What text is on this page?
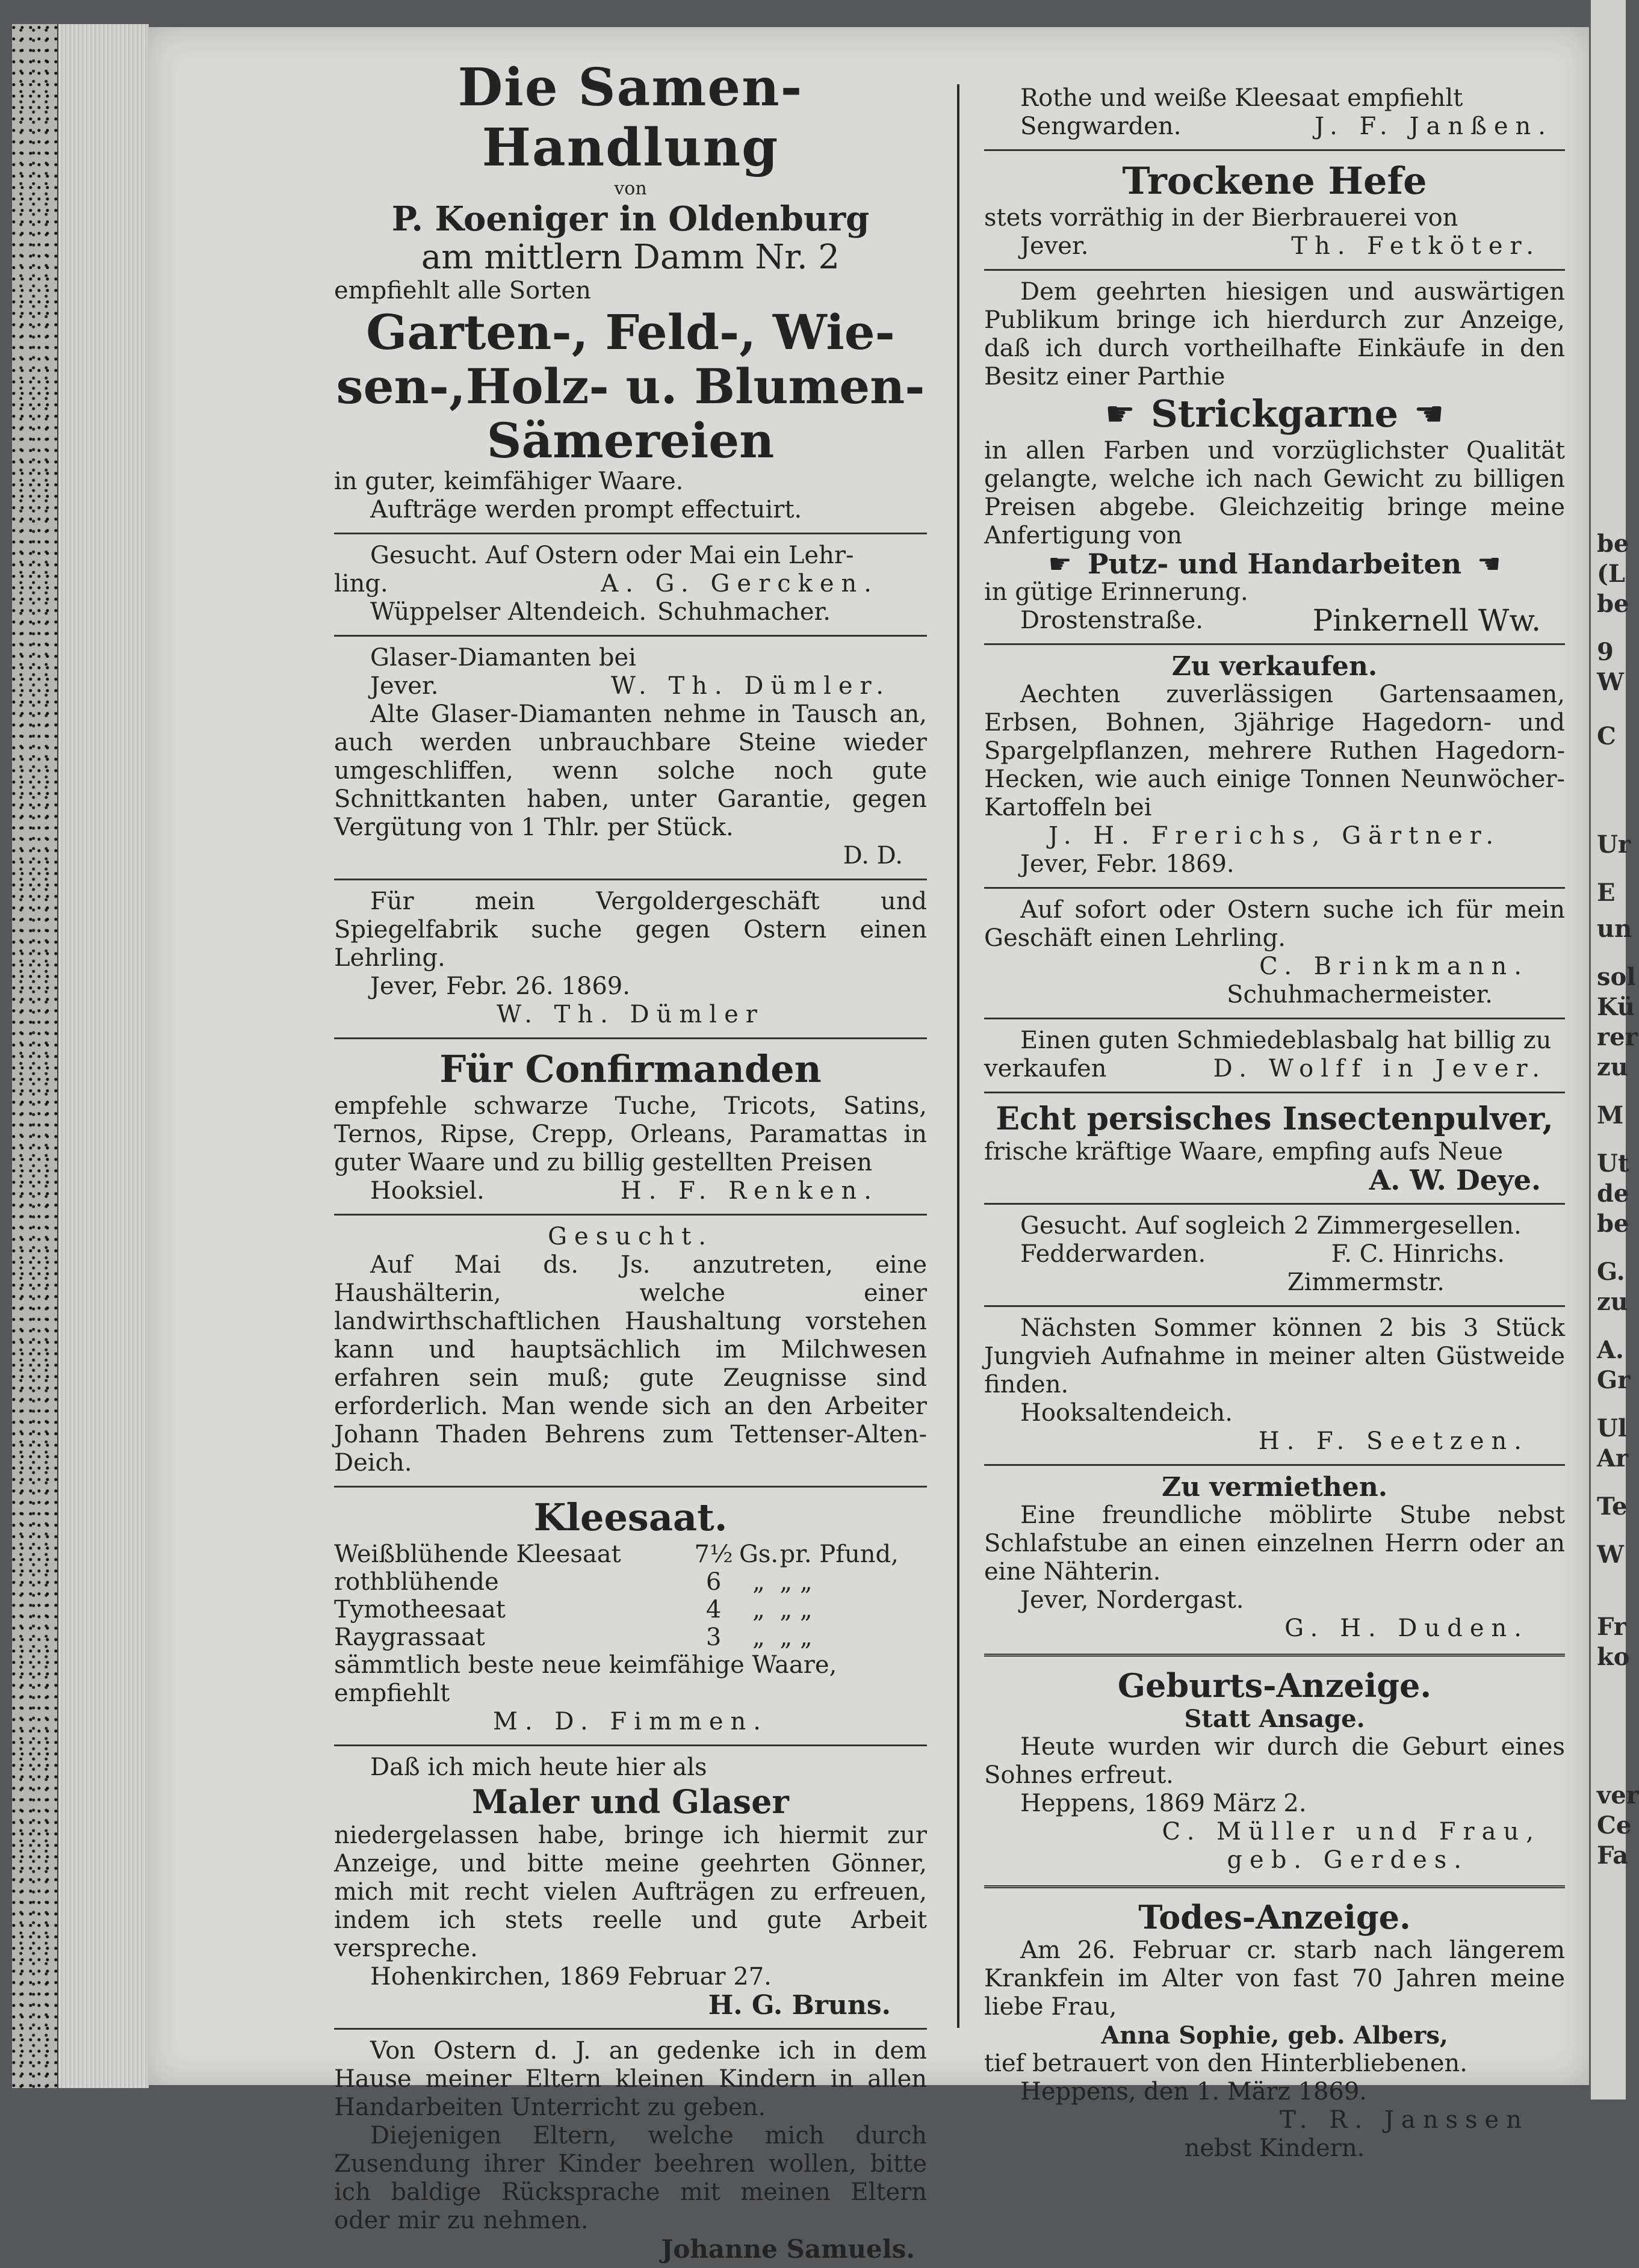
be
(L
be
9
W
C
Ur
E
un
sol
Kü
rer
zu
M
Ut
de
be
G.
zu
A.
Gr
Ul
Ar
Te
W
Fr
ko
ver
Ce
Fa
Die Samen-Handlung
von
P. Koeniger in Oldenburg
am mittlern Damm Nr. 2
empfiehlt alle Sorten
Garten-, Feld-, Wie-
sen-,Holz- u. Blumen-
Sämereien
in guter, keimfähiger Waare.
Aufträge werden prompt effectuirt.
Gesucht. Auf Ostern oder Mai ein Lehr-
ling.	A. G. Gercken.
Wüppelser Altendeich. Schuhmacher.
Glaser-Diamanten bei
Jever.	W. Th. Dümler.
Alte Glaser-Diamanten nehme in Tausch an, auch werden unbrauchbare Steine wieder umgeschliffen, wenn solche noch gute Schnittkanten haben, unter Garantie, gegen Vergütung von 1 Thlr. per Stück.
D. D.
Für mein Vergoldergeschäft und Spiegelfabrik suche gegen Ostern einen Lehrling.
Jever, Febr. 26. 1869.
W. Th. Dümler
Für Confirmanden
empfehle schwarze Tuche, Tricots, Satins, Ternos, Ripse, Crepp, Orleans, Paramattas in guter Waare und zu billig gestellten Preisen
Hooksiel.	H. F. Renken.
Gesucht.
Auf Mai ds. Js. anzutreten, eine Haushälterin, welche einer landwirthschaftlichen Haushaltung vorstehen kann und hauptsächlich im Milchwesen erfahren sein muß; gute Zeugnisse sind erforderlich. Man wende sich an den Arbeiter Johann Thaden Behrens zum Tettenser-Alten-Deich.
Kleesaat.
Weißblühende Kleesaat	7½	Gs.	pr. Pfund,
rothblühende	6	„	„ „
Tymotheesaat	4	„	„ „
Raygrassaat	3	„	„ „
sämmtlich beste neue keimfähige Waare, empfiehlt
M. D. Fimmen.
Daß ich mich heute hier als
Maler und Glaser
niedergelassen habe, bringe ich hiermit zur Anzeige, und bitte meine geehrten Gönner, mich mit recht vielen Aufträgen zu erfreuen, indem ich stets reelle und gute Arbeit verspreche.
Hohenkirchen, 1869 Februar 27.
H. G. Bruns.
Von Ostern d. J. an gedenke ich in dem Hause meiner Eltern kleinen Kindern in allen Handarbeiten Unterricht zu geben.
Diejenigen Eltern, welche mich durch Zusendung ihrer Kinder beehren wollen, bitte ich baldige Rücksprache mit meinen Eltern oder mir zu nehmen.
Johanne Samuels.
Rothe und weiße Kleesaat empfiehlt
Sengwarden.	J. F. Janßen.
Trockene Hefe
stets vorräthig in der Bierbrauerei von
Jever.	Th. Fetköter.
Dem geehrten hiesigen und auswärtigen Publikum bringe ich hierdurch zur Anzeige, daß ich durch vortheilhafte Einkäufe in den Besitz einer Parthie
☛ Strickgarne ☚
in allen Farben und vorzüglichster Qualität gelangte, welche ich nach Gewicht zu billigen Preisen abgebe. Gleichzeitig bringe meine Anfertigung von
☛ Putz- und Handarbeiten ☚
in gütige Erinnerung.
Drostenstraße.	Pinkernell Ww.
Zu verkaufen.
Aechten zuverlässigen Gartensaamen, Erbsen, Bohnen, 3jährige Hagedorn- und Spargelpflanzen, mehrere Ruthen Hagedorn-Hecken, wie auch einige Tonnen Neunwöcher-Kartoffeln bei
J. H. Frerichs, Gärtner.
Jever, Febr. 1869.
Auf sofort oder Ostern suche ich für mein Geschäft einen Lehrling.
C. Brinkmann.
Schuhmachermeister.
Einen guten Schmiedeblasbalg hat billig zu
verkaufen	D. Wolff in Jever.
Echt persisches Insectenpulver,
frische kräftige Waare, empfing aufs Neue
A. W. Deye.
Gesucht. Auf sogleich 2 Zimmergesellen.
Fedderwarden.	F. C. Hinrichs.
Zimmermstr.
Nächsten Sommer können 2 bis 3 Stück Jungvieh Aufnahme in meiner alten Güstweide finden.
Hooksaltendeich.
H. F. Seetzen.
Zu vermiethen.
Eine freundliche möblirte Stube nebst Schlafstube an einen einzelnen Herrn oder an eine Nähterin.
Jever, Nordergast.
G. H. Duden.
Geburts-Anzeige.
Statt Ansage.
Heute wurden wir durch die Geburt eines Sohnes erfreut.
Heppens, 1869 März 2.
C. Müller und Frau,
geb. Gerdes.
Todes-Anzeige.
Am 26. Februar cr. starb nach längerem Krankfein im Alter von fast 70 Jahren meine liebe Frau,
Anna Sophie, geb. Albers,
tief betrauert von den Hinterbliebenen.
Heppens, den 1. März 1869.
T. R. Janssen
nebst Kindern.
